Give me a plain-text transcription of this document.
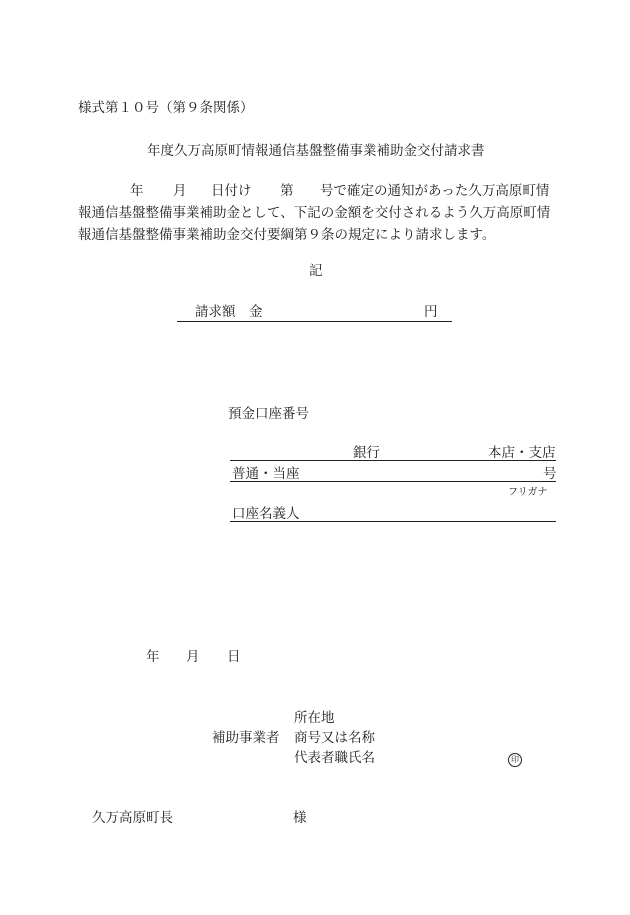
様式第１０号（第９条関係）
年度久万高原町情報通信基盤整備事業補助金交付請求書
年 月 日付け 第 号で確定の通知があった久万高原町情
報通信基盤整備事業補助金として、下記の金額を交付されるよう久万高原町情
報通信基盤整備事業補助金交付要綱第９条の規定により請求します。
記
請求額　金	円
預金口座番号
銀行	本店・支店
普通・当座	号
フリガナ
口座名義人
年 月 日
所在地
補助事業者 商号又は名称
代表者職氏名	印
久万高原町長	様
